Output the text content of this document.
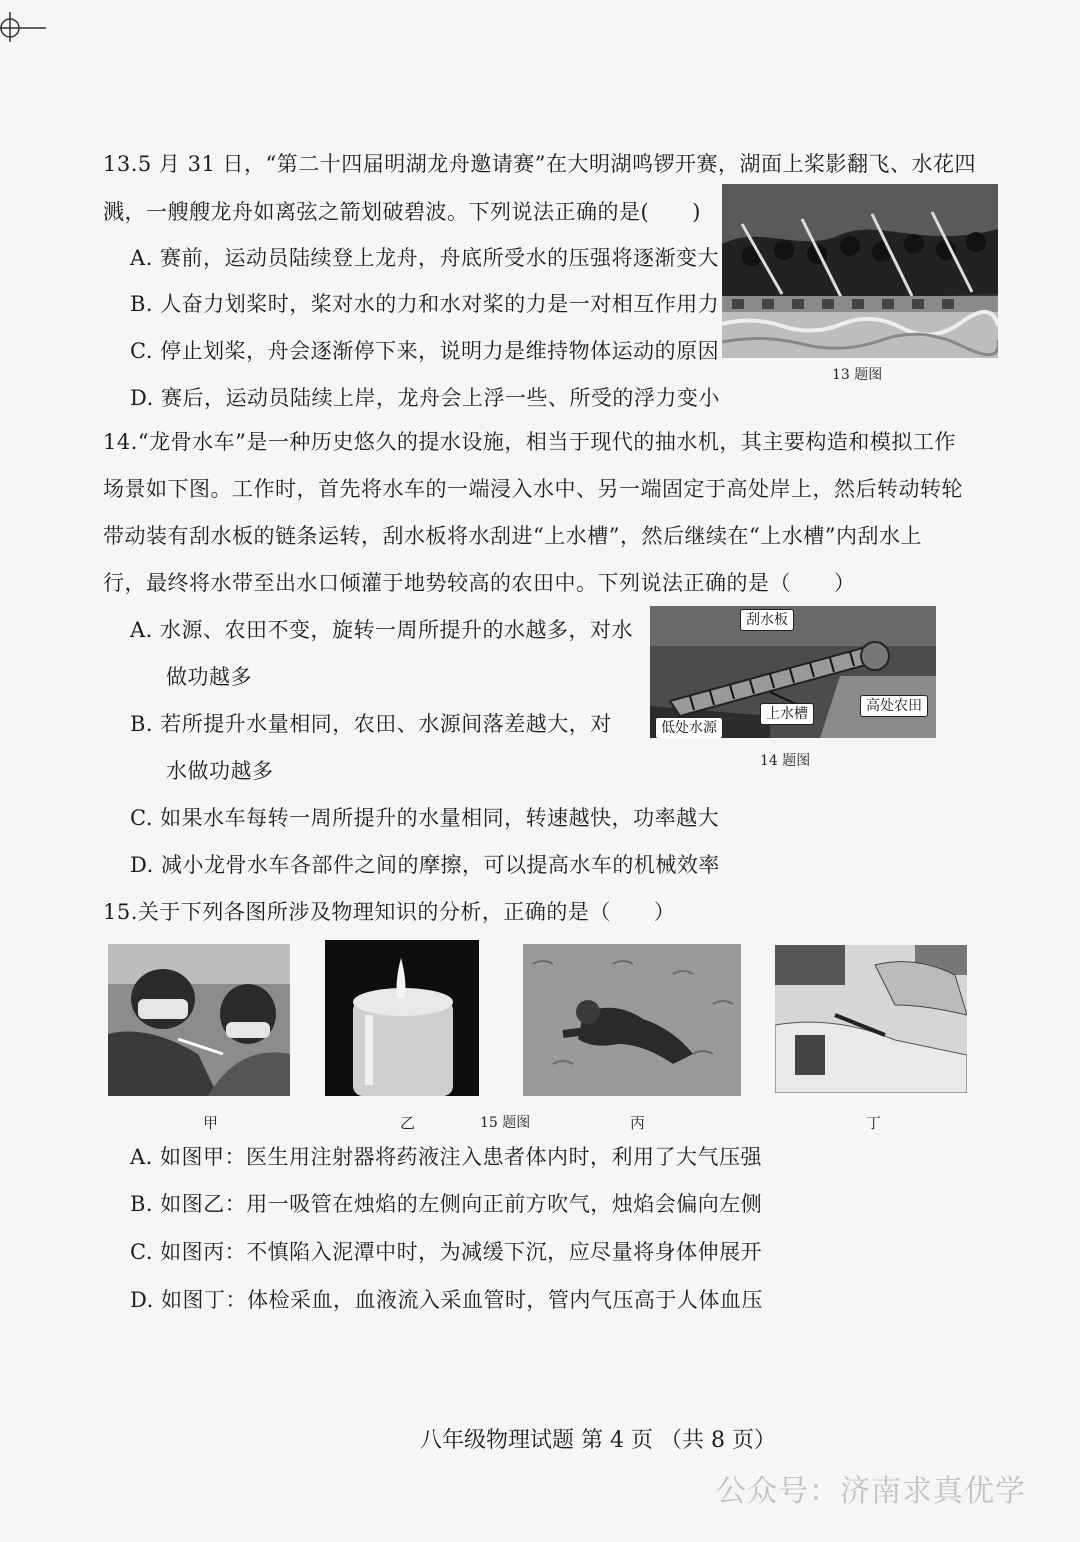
13.5 月 31 日，“第二十四届明湖龙舟邀请赛”在大明湖鸣锣开赛，湖面上桨影翻飞、水花四
溅，一艘艘龙舟如离弦之箭划破碧波。下列说法正确的是(　　)
A. 赛前，运动员陆续登上龙舟，舟底所受水的压强将逐渐变大
B. 人奋力划桨时，桨对水的力和水对桨的力是一对相互作用力
C. 停止划桨，舟会逐渐停下来，说明力是维持物体运动的原因
D. 赛后，运动员陆续上岸，龙舟会上浮一些、所受的浮力变小
13 题图
14.“龙骨水车”是一种历史悠久的提水设施，相当于现代的抽水机，其主要构造和模拟工作
场景如下图。工作时，首先将水车的一端浸入水中、另一端固定于高处岸上，然后转动转轮
带动装有刮水板的链条运转，刮水板将水刮进“上水槽”，然后继续在“上水槽”内刮水上
行，最终将水带至出水口倾灌于地势较高的农田中。下列说法正确的是（　　）
A. 水源、农田不变，旋转一周所提升的水越多，对水
做功越多
B. 若所提升水量相同，农田、水源间落差越大，对
水做功越多
C. 如果水车每转一周所提升的水量相同，转速越快，功率越大
D. 减小龙骨水车各部件之间的摩擦，可以提高水车的机械效率
刮水板
上水槽	高处农田
低处水源
14 题图
15.关于下列各图所涉及物理知识的分析，正确的是（　　）
甲	乙	15 题图	丙	丁
A. 如图甲：医生用注射器将药液注入患者体内时，利用了大气压强
B. 如图乙：用一吸管在烛焰的左侧向正前方吹气，烛焰会偏向左侧
C. 如图丙：不慎陷入泥潭中时，为减缓下沉，应尽量将身体伸展开
D. 如图丁：体检采血，血液流入采血管时，管内气压高于人体血压
八年级物理试题 第 4 页 （共 8 页）
公众号：济南求真优学
